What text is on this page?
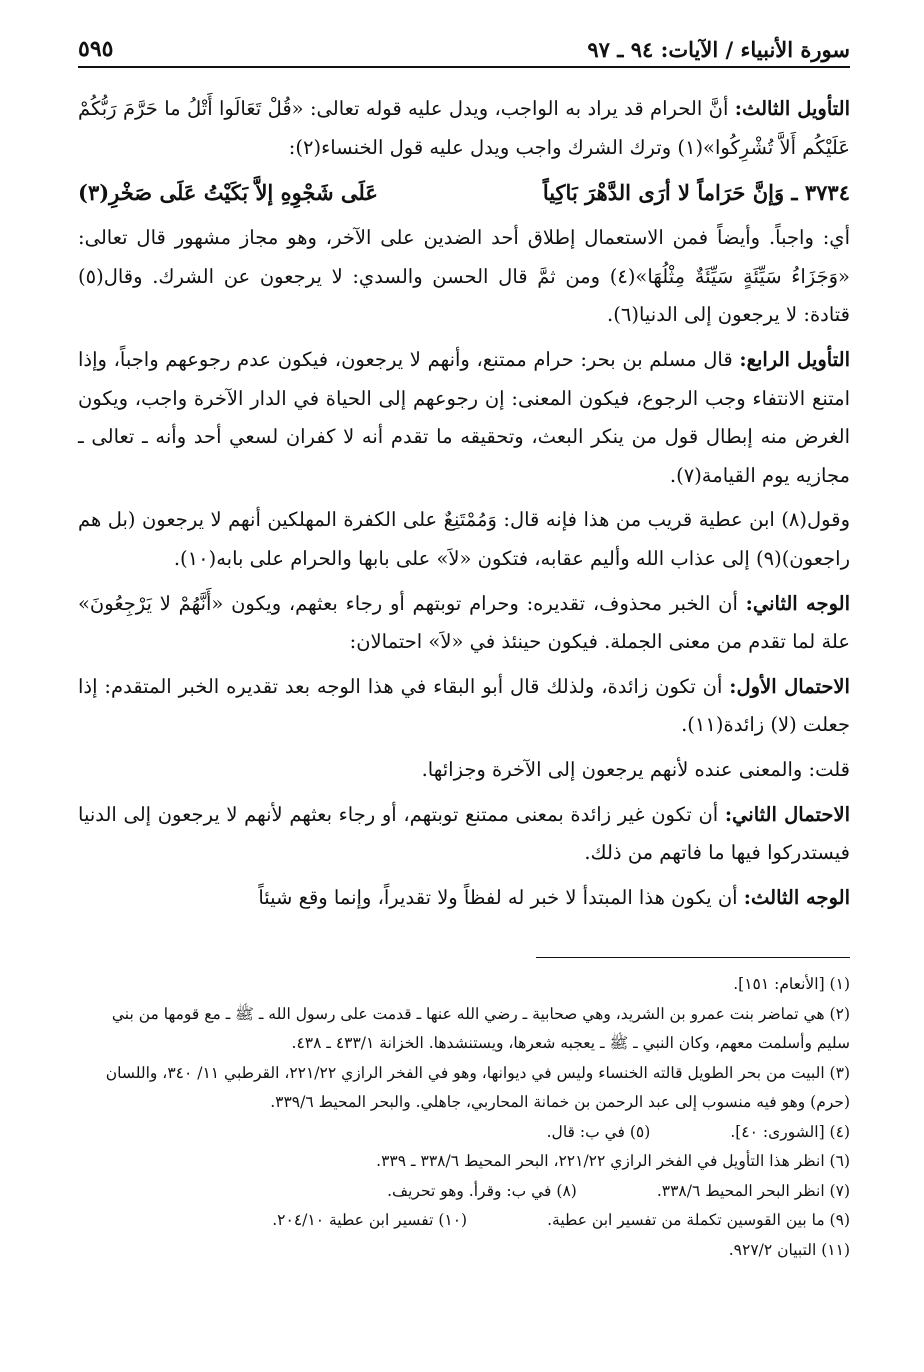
سورة الأنبياء / الآيات: ٩٤ ـ ٩٧
٥٩٥

التأويل الثالث: أنَّ الحرام قد يراد به الواجب، ويدل عليه قوله تعالى: «قُلْ تَعَالَوا أَتْلُ ما حَرَّمَ رَبُّكُمْ عَلَيْكُم أَلاَّ تُشْرِكُوا»(١) وترك الشرك واجب ويدل عليه قول الخنساء(٢):

٣٧٣٤ ـ وَإنَّ حَرَاماً لا أرَى الدَّهْرَ بَاكِياً
عَلَى شَجْوِهِ إلاَّ بَكَيْتُ عَلَى صَخْرِ(٣)

أي: واجباً. وأيضاً فمن الاستعمال إطلاق أحد الضدين على الآخر، وهو مجاز مشهور قال تعالى: «وَجَزَاءُ سَيِّئَةٍ سَيِّئَةٌ مِثْلُهَا»(٤) ومن ثمَّ قال الحسن والسدي: لا يرجعون عن الشرك. وقال(٥) قتادة: لا يرجعون إلى الدنيا(٦).

التأويل الرابع: قال مسلم بن بحر: حرام ممتنع، وأنهم لا يرجعون، فيكون عدم رجوعهم واجباً، وإذا امتنع الانتفاء وجب الرجوع، فيكون المعنى: إن رجوعهم إلى الحياة في الدار الآخرة واجب، ويكون الغرض منه إبطال قول من ينكر البعث، وتحقيقه ما تقدم أنه لا كفران لسعي أحد وأنه ـ تعالى ـ مجازيه يوم القيامة(٧).

وقول(٨) ابن عطية قريب من هذا فإنه قال: وَمُمْتَنِعٌ على الكفرة المهلكين أنهم لا يرجعون (بل هم راجعون)(٩) إلى عذاب الله وأليم عقابه، فتكون «لاَ» على بابها والحرام على بابه(١٠).

الوجه الثاني: أن الخبر محذوف، تقديره: وحرام توبتهم أو رجاء بعثهم، ويكون «أَنَّهُمْ لا يَرْجِعُونَ» علة لما تقدم من معنى الجملة. فيكون حينئذ في «لاَ» احتمالان:

الاحتمال الأول: أن تكون زائدة، ولذلك قال أبو البقاء في هذا الوجه بعد تقديره الخبر المتقدم: إذا جعلت (لا) زائدة(١١).

قلت: والمعنى عنده لأنهم يرجعون إلى الآخرة وجزائها.

الاحتمال الثاني: أن تكون غير زائدة بمعنى ممتنع توبتهم، أو رجاء بعثهم لأنهم لا يرجعون إلى الدنيا فيستدركوا فيها ما فاتهم من ذلك.

الوجه الثالث: أن يكون هذا المبتدأ لا خبر له لفظاً ولا تقديراً، وإنما وقع شيئاً

(١) [الأنعام: ١٥١].

(٢) هي تماضر بنت عمرو بن الشريد، وهي صحابية ـ رضي الله عنها ـ قدمت على رسول الله ـ ﷺ ـ مع قومها من بني سليم وأسلمت معهم، وكان النبي ـ ﷺ ـ يعجبه شعرها، ويستنشدها. الخزانة ٤٣٣/١ ـ ٤٣٨.

(٣) البيت من بحر الطويل قالته الخنساء وليس في ديوانها، وهو في الفخر الرازي ٢٢١/٢٢، القرطبي ١١/ ٣٤٠، واللسان (حرم) وهو فيه منسوب إلى عبد الرحمن بن خمانة المحاربي، جاهلي. والبحر المحيط ٣٣٩/٦.

(٤) [الشورى: ٤٠].
(٥) في ب: قال.

(٦) انظر هذا التأويل في الفخر الرازي ٢٢١/٢٢، البحر المحيط ٣٣٨/٦ ـ ٣٣٩.

(٧) انظر البحر المحيط ٣٣٨/٦.
(٨) في ب: وقرأ. وهو تحريف.

(٩) ما بين القوسين تكملة من تفسير ابن عطية.
(١٠) تفسير ابن عطية ٢٠٤/١٠.

(١١) التبيان ٩٢٧/٢.
